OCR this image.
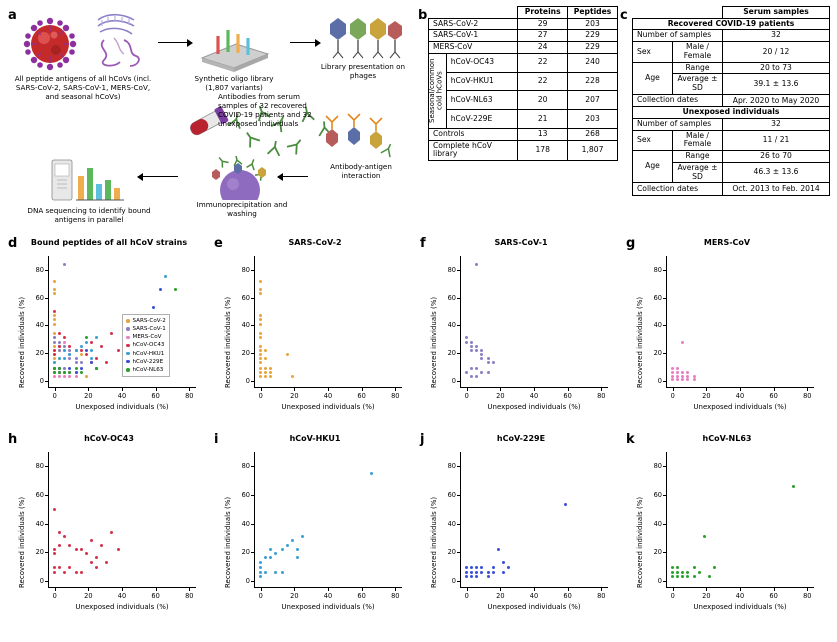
a
All peptide antigens of all hCoVs (incl. SARS-CoV-2, SARS-CoV-1, MERS-CoV, and seasonal hCoVs)
Synthetic oligo library (1,807 variants)
Library presentation on phages
Antibodies from serum samples of 32 recovered COVID-19 patients and 32 unexposed individuals
Antibody-antigen interaction
Immunoprecipitation and washing
DNA sequencing to identify bound antigens in parallel
b
			Proteins	Peptides
SARS-CoV-2		29	203
SARS-CoV-1		27	229
MERS-CoV		24	229

Seasonal/common cold hCoVs	hCoV-OC43	22	240
	hCoV-HKU1	22	228
	hCoV-NL63	20	207
	hCoV-229E	21	203
Controls		13	268
Complete hCoV library		178	1,807
c
			Serum samples
Recovered COVID-19 patients		
Number of samples		32
Sex	Male / Female	20 / 12
Age	Range	20 to 73
	Average ± SD	39.1 ± 13.6
Collection dates		Apr. 2020 to May 2020
Unexposed individuals		
Number of samples		32
Sex	Male / Female	11 / 21
Age	Range	26 to 70
	Average ± SD	46.3 ± 13.6
Collection dates		Oct. 2013 to Feb. 2014
d	Bound peptides of all hCoV strains
0	20	40	60	80
0
20
40
60
80
Unexposed individuals (%)
Recovered individuals (%)	SARS-CoV-2
SARS-CoV-1
MERS-CoV
hCoV-OC43
hCoV-HKU1
hCoV-229E
hCoV-NL63
e	SARS-CoV-2
0	20	40	60	80
0
20
40
60
80
Unexposed individuals (%)
Recovered individuals (%)
f	SARS-CoV-1
0	20	40	60	80
0
20
40
60
80
Unexposed individuals (%)
Recovered individuals (%)
g	MERS-CoV
0	20	40	60	80
0
20
40
60
80
Unexposed individuals (%)
Recovered individuals (%)
h	hCoV-OC43
0	20	40	60	80
0
20
40
60
80
Unexposed individuals (%)
Recovered individuals (%)
i	hCoV-HKU1
0	20	40	60	80
0
20
40
60
80
Unexposed individuals (%)
Recovered individuals (%)
j	hCoV-229E
0	20	40	60	80
0
20
40
60
80
Unexposed individuals (%)
Recovered individuals (%)
k	hCoV-NL63
0	20	40	60	80
0
20
40
60
80
Unexposed individuals (%)
Recovered individuals (%)
